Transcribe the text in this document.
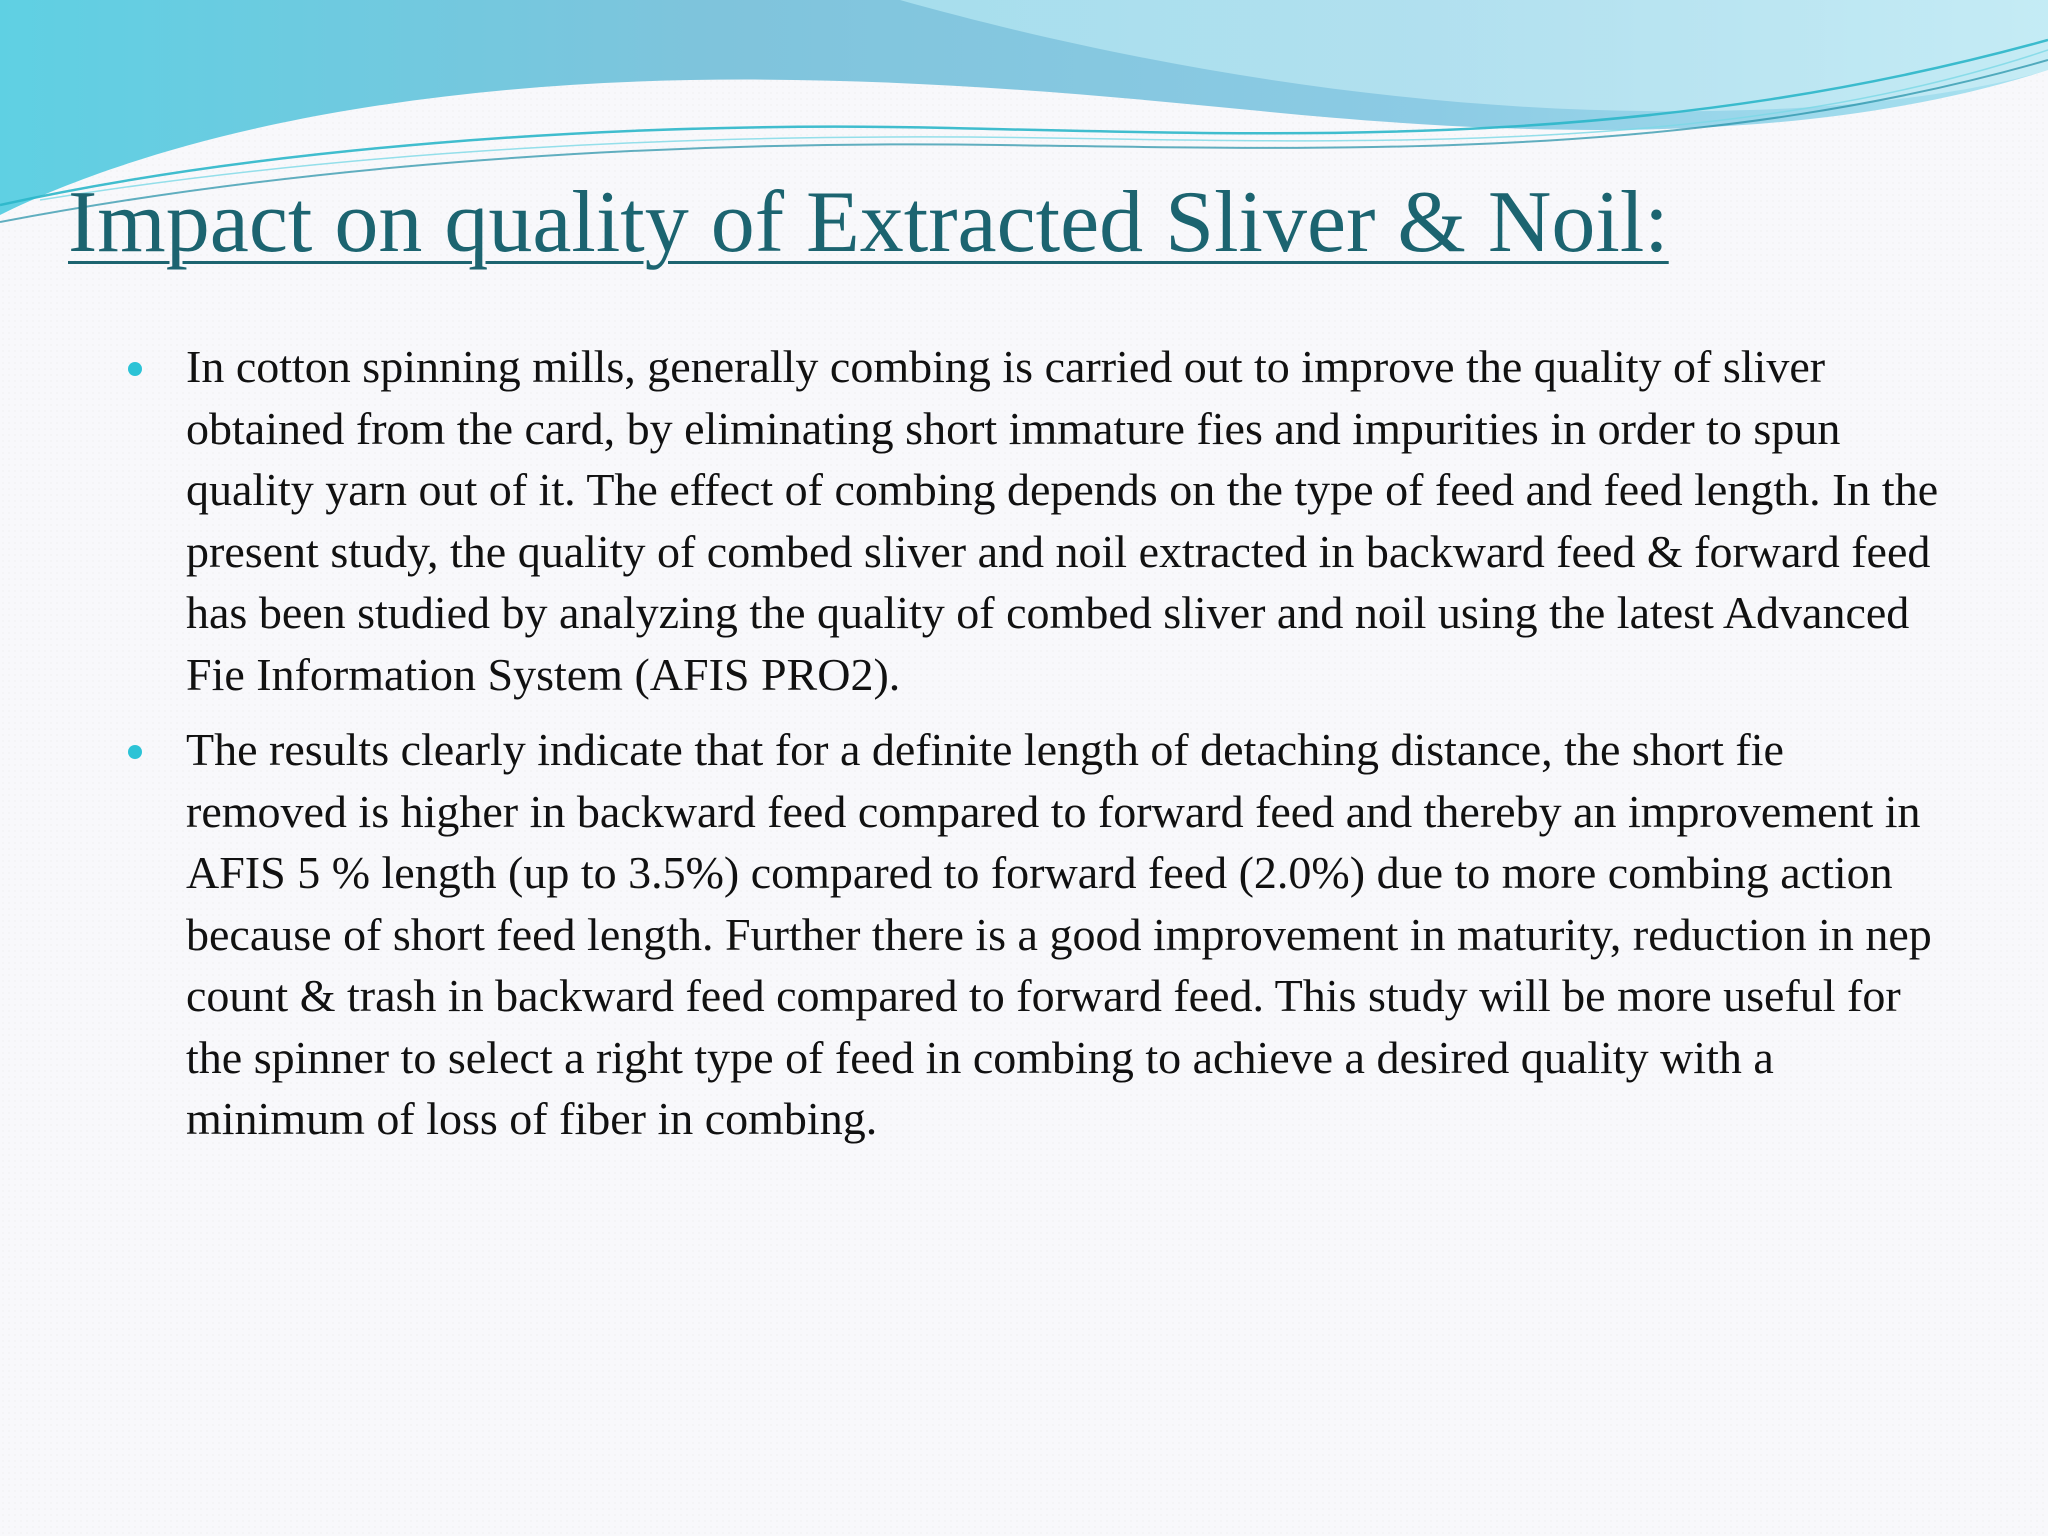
Impact on quality of Extracted Sliver & Noil:
In cotton spinning mills, generally combing is carried out to improve the quality of sliver obtained from the card, by eliminating short immature fies and impurities in order to spun quality yarn out of it. The effect of combing depends on the type of feed and feed length. In the present study, the quality of combed sliver and noil extracted in backward feed & forward feed has been studied by analyzing the quality of combed sliver and noil using the latest Advanced Fie Information System (AFIS PRO2).
The results clearly indicate that for a definite length of detaching distance, the short fie removed is higher in backward feed compared to forward feed and thereby an improvement in AFIS 5 % length (up to 3.5%) compared to forward feed (2.0%) due to more combing action because of short feed length. Further there is a good improvement in maturity, reduction in nep count & trash in backward feed compared to forward feed. This study will be more useful for the spinner to select a right type of feed in combing to achieve a desired quality with a minimum of loss of fiber in combing.
